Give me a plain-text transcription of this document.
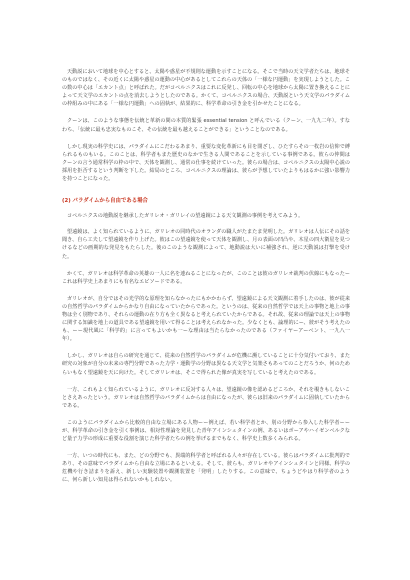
天動説において地球を中心とすると、太陽や惑星が不規則な運動を示すことになる。そこで当時の天文学者たちは、地球そのものではなく、その近くに太陽や惑星の運動の中心があるとしてこれらの天体の「一様な円運動」を実現しようとした。この数の中心は「エカント点」と呼ばれた。だがコペルニクスはこれに反発し、回転の中心を地球から太陽に置き換えることによって天文学のエカントの点を消去しようとしたのである。かくて、コペルニクスの場合、天動説という天文学のパラダイムの枠組みの中にある「一様な円運動」への固執が、結果的に、科学革命の引き金を引かせたことになる。

クーンは、このような事態を伝統と革新の間の本質的緊張 essential tension と呼んでいる（クーン、一九九二年）。すなわち、「伝統に最も忠実なものこそ、その伝統を最も越えることができる」ということなのである。

しかし現実の科学史には、パラダイムにこだわるあまり、重要な変化革新にも目を閉ざし、ひたすらその一枚岩の信仰で縛られるものもいる。このことは、科学者もまた歴史のなかで生きる人間であることを示している事例である。彼らの仲間はクーンの言う通常科学の枠の中で、天体を観測し、通常の仕事を続けていった。彼らの場合は、コペルニクスの太陽中心説の採用を拒否するという判断を下した。結局のところ、コペルニクスの理論は、彼らが予想していたよりもはるかに強い影響力を持つことになった。

(2) パラダイムから自由である場合

コペルニクスの地動説を継承したガリレオ・ガリレイの望遠鏡による天文観測の事例を考えてみよう。

望遠鏡は、よく知られているように、ガリレオの同時代のオランダの職人がたまたま発明した。ガリレオは人伝にその話を聞き、自ら工夫して望遠鏡を作り上げた。彼はこの望遠鏡を使って天体を観測し、月の表面の凹凸や、木星の四大衛星を見つけるなどの画期的な発見をもたらした。後のこのような観測によって、地動説は大いに補強され、逆に天動説は打撃を受けた。

かくて、ガリレオは科学革命の英雄の一人に名を連ねることになったが、このことは彼のガリレオ裁判の伏線にもなったーこれは科学史上あまりにも有名なエピソードである。

ガリレオが、自分ではその光学的な原理を知らなかったにもかかわらず、望遠鏡による天文観測に着手したのは、彼が従来の自然哲学のパラダイムからかなり自由になっていたからであった。というのは、従来の自然哲学では天上の事物と地上の事物は全く別物であり、それらの運動の在り方も全く異なると考えられていたからである。それ故、従来の理論では天上の事物に関する知識を地上の道具である望遠鏡を用いて得ることは考えられなかった。少なくとも、論理的にー、彼がそう考えたのも、ーー現代風に「科学的」に言ってもよいかも一ーな理由は当たらなかったのである（ファイヤーアーベント、一九八一年）。

しかし、ガリレオは自らの研究を通じて、従来の自然哲学のパラダイムが危機に瀕していることに十分気付いており、また研究の対象が自分の未来の専門分野であった力学・運動学の分野は異なる天文学と気楽さもあってのことだろうか、何のためらいもなく望遠鏡を天に向けた。そしてガリレオは、そこで得られた像が真実を写していると考えたのである。

一方、これもよく知られているように、ガリレオに反対する人々は、望遠鏡の像を認めるどころか、それを覗きもしないことさえあったという。ガリレオは自然哲学のパラダイムからは自由になったが、彼らは旧来のパラダイムに固執していたからである。

このようにパラダイムから比較的自由な立場にある人物ーー例えば、若い科学者とか、別の分野から参入した科学者ーーが、科学革命の引き金を引く事例は、相対性理論を発見した青年アインシュタインの例、あるいはボーアやハイゼンベルクなど量子力学の形成に重要な役割を演じた科学者たちの例を挙げるまでもなく、科学史上数多くみられる。

一方、いつの時代にも、また、どの分野でも、異端的科学者と呼ばれる人々が存在している。彼らはパラダイムに批判的であり、その意味でパラダイムから自由な立場にあるといえる。そして、彼らも、ガリレオやアインシュタインと同様、科学の危機や行き詰まりを訴え、新しい実験装置や観測装置を「発明」したりする。この意味で、ちょうどやはり科学者のように、何ら新しい知見は得られないかもしれない。
